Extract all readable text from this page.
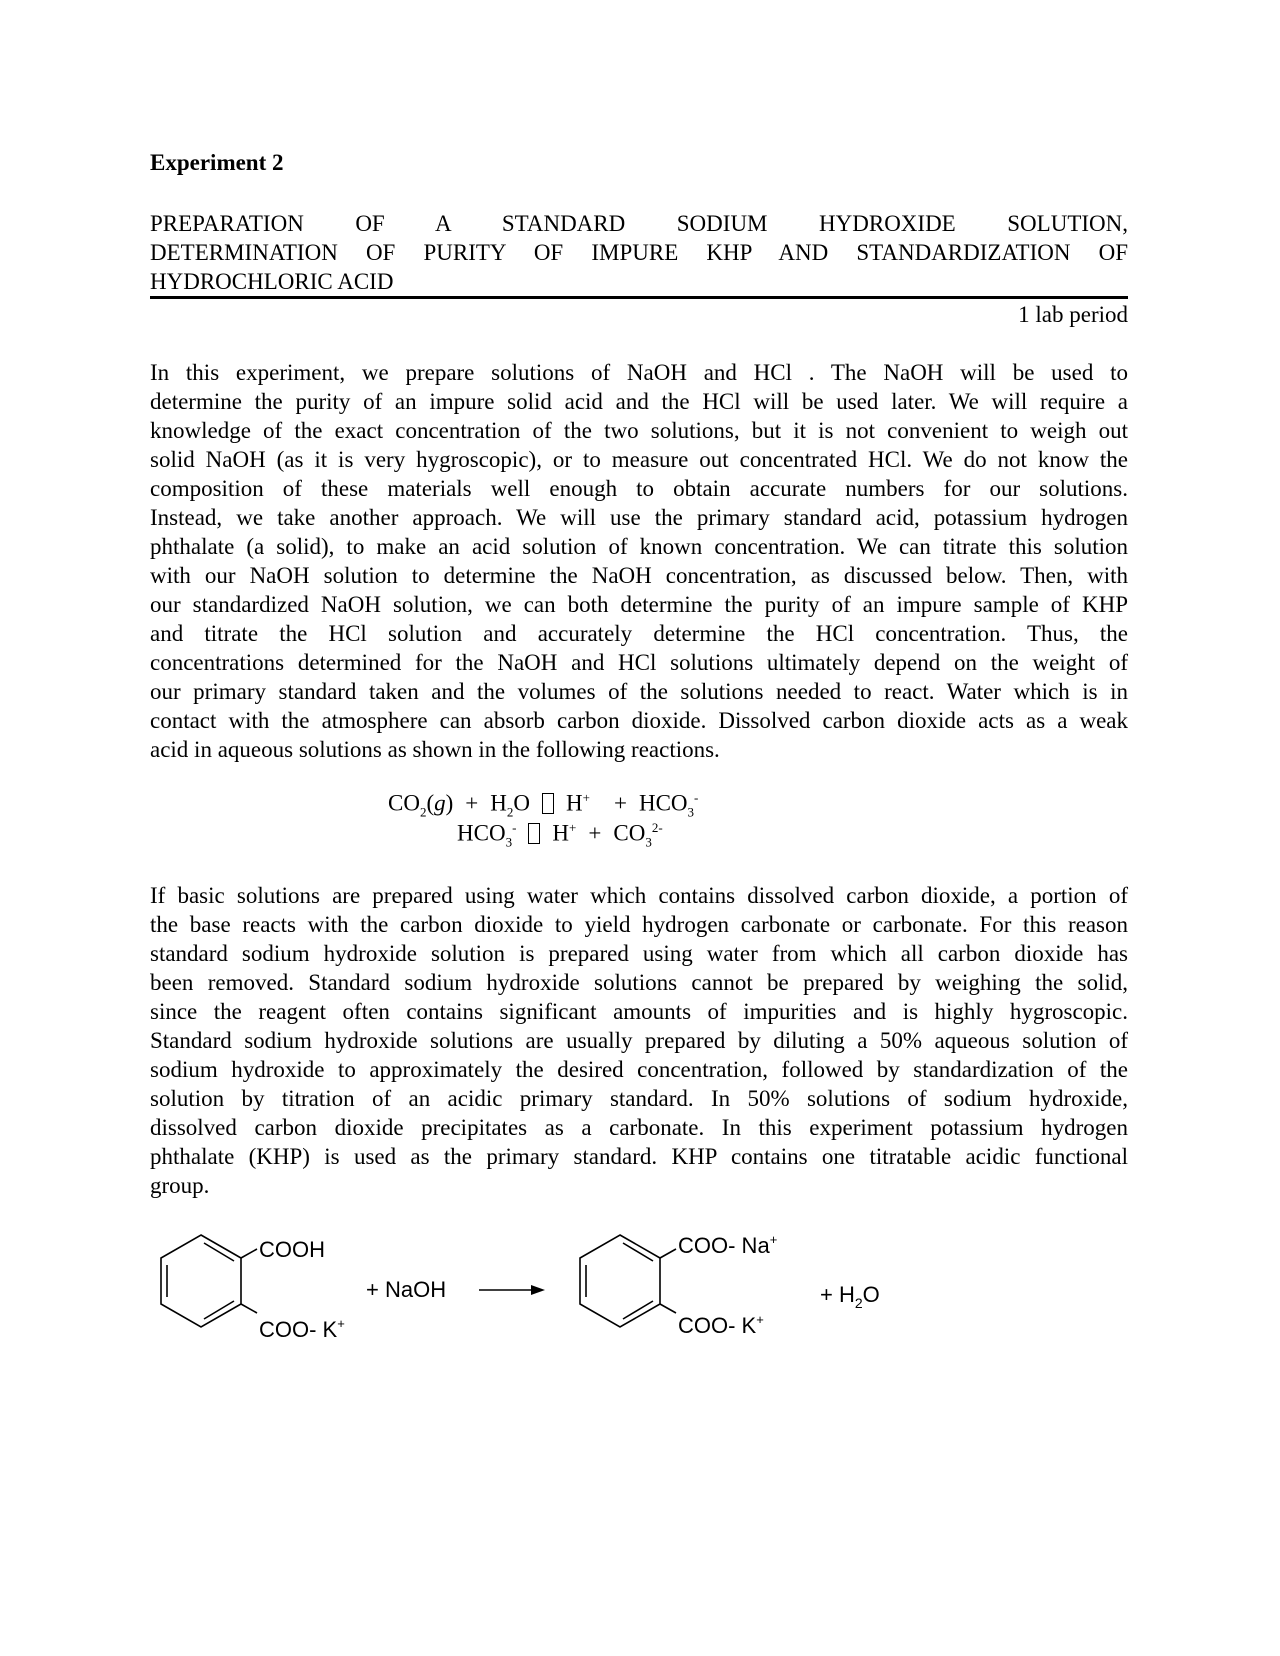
Experiment 2
PREPARATION OF A STANDARD SODIUM HYDROXIDE SOLUTION,
DETERMINATION OF PURITY OF IMPURE KHP AND STANDARDIZATION OF
HYDROCHLORIC ACID
1 lab period
In this experiment, we prepare solutions of NaOH and HCl . The NaOH will be used to
determine the purity of an impure solid acid and the HCl will be used later. We will require a
knowledge of the exact concentration of the two solutions, but it is not convenient to weigh out
solid NaOH (as it is very hygroscopic), or to measure out concentrated HCl. We do not know the
composition of these materials well enough to obtain accurate numbers for our solutions.
Instead, we take another approach. We will use the primary standard acid, potassium hydrogen
phthalate (a solid), to make an acid solution of known concentration. We can titrate this solution
with our NaOH solution to determine the NaOH concentration, as discussed below. Then, with
our standardized NaOH solution, we can both determine the purity of an impure sample of KHP
and titrate the HCl solution and accurately determine the HCl concentration. Thus, the
concentrations determined for the NaOH and HCl solutions ultimately depend on the weight of
our primary standard taken and the volumes of the solutions needed to react. Water which is in
contact with the atmosphere can absorb carbon dioxide. Dissolved carbon dioxide acts as a weak
acid in aqueous solutions as shown in the following reactions.
$CO_2(g) + H_2O$ $H^+ + HCO_3^-$
$HCO_3^-$ $H^+ + CO_3^{2-}$
If basic solutions are prepared using water which contains dissolved carbon dioxide, a portion of
the base reacts with the carbon dioxide to yield hydrogen carbonate or carbonate. For this reason
standard sodium hydroxide solution is prepared using water from which all carbon dioxide has
been removed. Standard sodium hydroxide solutions cannot be prepared by weighing the solid,
since the reagent often contains significant amounts of impurities and is highly hygroscopic.
Standard sodium hydroxide solutions are usually prepared by diluting a 50% aqueous solution of
sodium hydroxide to approximately the desired concentration, followed by standardization of the
solution by titration of an acidic primary standard. In 50% solutions of sodium hydroxide,
dissolved carbon dioxide precipitates as a carbonate. In this experiment potassium hydrogen
phthalate (KHP) is used as the primary standard. KHP contains one titratable acidic functional
group.
COOH
COO- K+
+ NaOH
COO- Na+
COO- K+
+ $H_2O$
